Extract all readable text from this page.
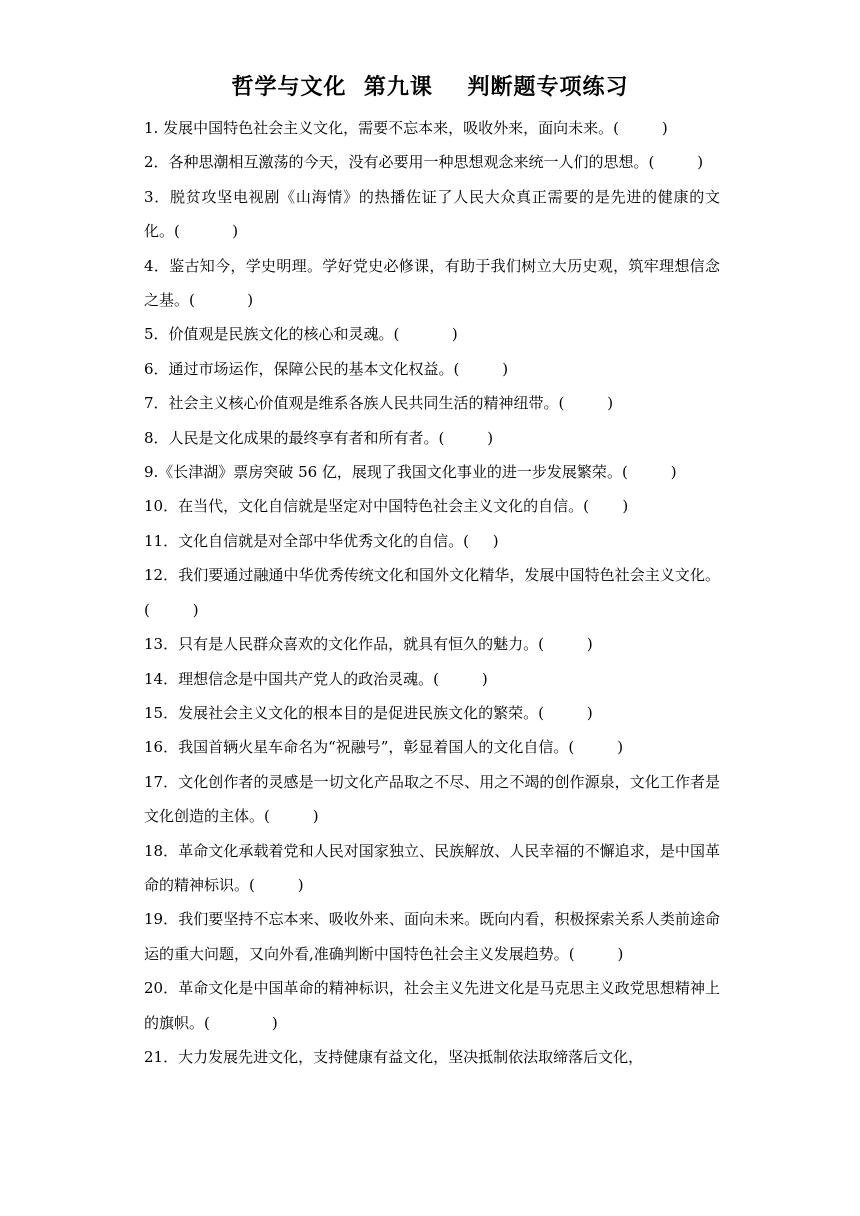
哲学与文化  第九课    判断题专项练习

1. 发展中国特色社会主义文化，需要不忘本来，吸收外来，面向未来。(         )

2．各种思潮相互激荡的今天，没有必要用一种思想观念来统一人们的思想。(         )

3．脱贫攻坚电视剧《山海情》的热播佐证了人民大众真正需要的是先进的健康的文化。(           )

4．鉴古知今，学史明理。学好党史必修课，有助于我们树立大历史观，筑牢理想信念之基。(           )

5．价值观是民族文化的核心和灵魂。(           )

6．通过市场运作，保障公民的基本文化权益。(         )

7．社会主义核心价值观是维系各族人民共同生活的精神纽带。(         )

8．人民是文化成果的最终享有者和所有者。(         )

9.《长津湖》票房突破 56 亿，展现了我国文化事业的进一步发展繁荣。(         )

10．在当代，文化自信就是坚定对中国特色社会主义文化的自信。(       )

11．文化自信就是对全部中华优秀文化的自信。(     )

12．我们要通过融通中华优秀传统文化和国外文化精华，发展中国特色社会主义文化。(         )

13．只有是人民群众喜欢的文化作品，就具有恒久的魅力。(         )

14．理想信念是中国共产党人的政治灵魂。(         )

15．发展社会主义文化的根本目的是促进民族文化的繁荣。(         )

16．我国首辆火星车命名为“祝融号”，彰显着国人的文化自信。(         )

17．文化创作者的灵感是一切文化产品取之不尽、用之不竭的创作源泉，文化工作者是文化创造的主体。(         )

18．革命文化承载着党和人民对国家独立、民族解放、人民幸福的不懈追求，是中国革命的精神标识。(         )

19．我们要坚持不忘本来、吸收外来、面向未来。既向内看，积极探索关系人类前途命运的重大问题，又向外看,准确判断中国特色社会主义发展趋势。(         )

20．革命文化是中国革命的精神标识，社会主义先进文化是马克思主义政党思想精神上的旗帜。(             )

21．大力发展先进文化，支持健康有益文化，坚决抵制依法取缔落后文化，
